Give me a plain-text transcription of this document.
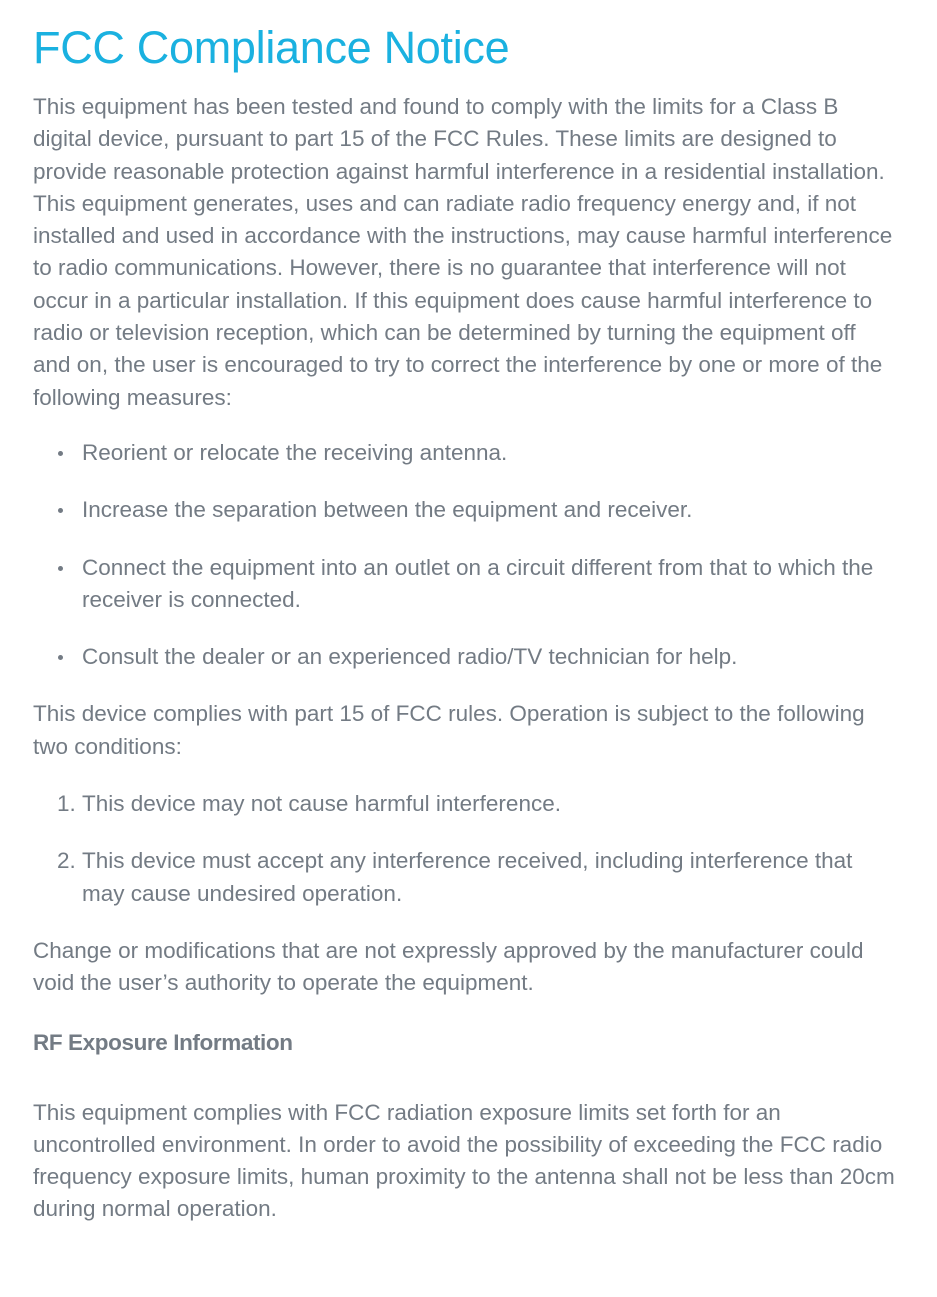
FCC Compliance Notice

This equipment has been tested and found to comply with the limits for a Class B digital device, pursuant to part 15 of the FCC Rules. These limits are designed to provide reasonable protection against harmful interference in a residential installation. This equipment generates, uses and can radiate radio frequency energy and, if not installed and used in accordance with the instructions, may cause harmful interference to radio communications. However, there is no guarantee that interference will not occur in a particular installation. If this equipment does cause harmful interference to radio or television reception, which can be determined by turning the equipment off and on, the user is encouraged to try to correct the interference by one or more of the following measures:

Reorient or relocate the receiving antenna.
Increase the separation between the equipment and receiver.
Connect the equipment into an outlet on a circuit different from that to which the receiver is connected.
Consult the dealer or an experienced radio/TV technician for help.

This device complies with part 15 of FCC rules. Operation is subject to the following two conditions:

1. This device may not cause harmful interference.
2. This device must accept any interference received, including interference that may cause undesired operation.

Change or modifications that are not expressly approved by the manufacturer could void the user’s authority to operate the equipment.

RF Exposure Information

This equipment complies with FCC radiation exposure limits set forth for an uncontrolled environment. In order to avoid the possibility of exceeding the FCC radio frequency exposure limits, human proximity to the antenna shall not be less than 20cm during normal operation.
